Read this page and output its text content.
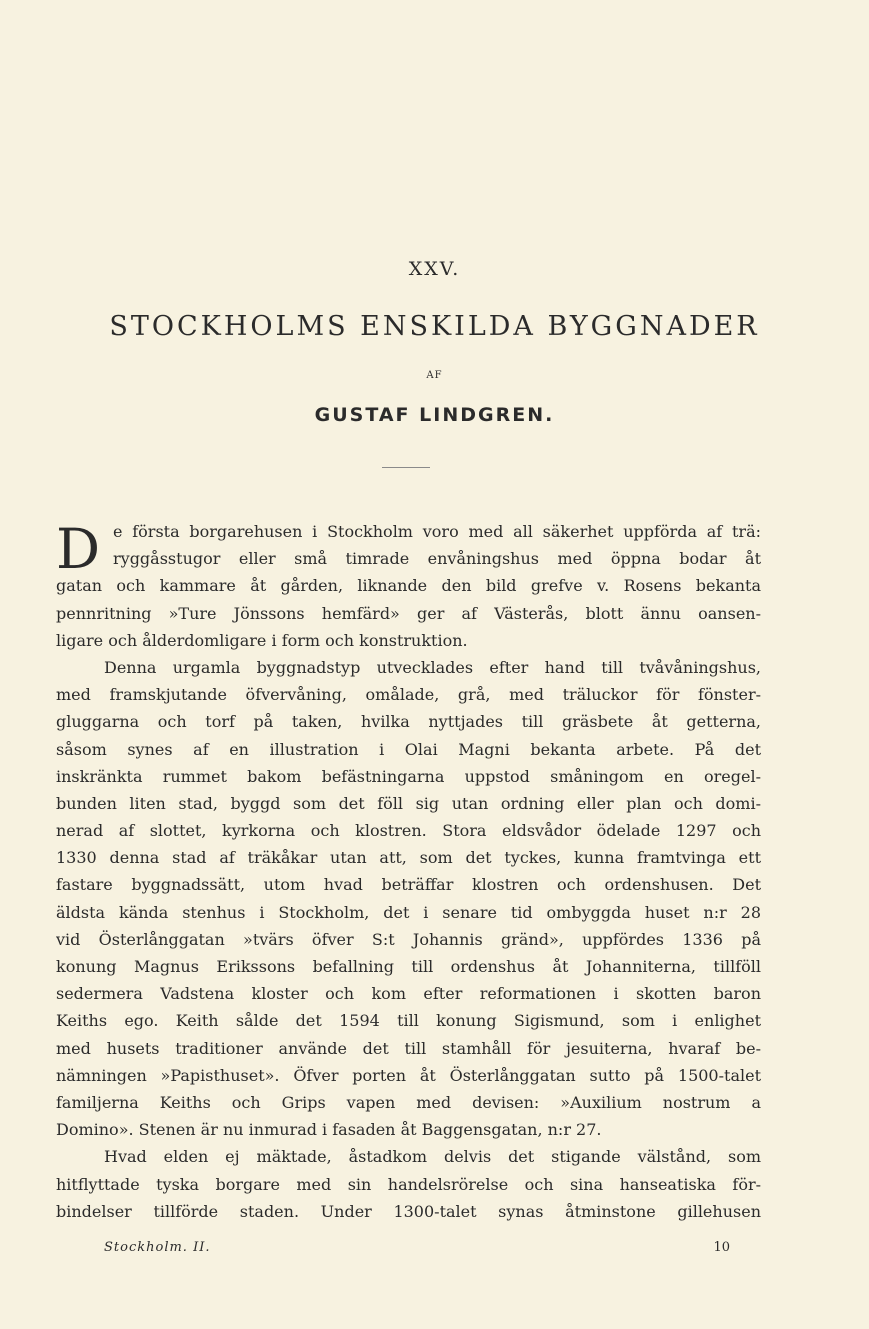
XXV.
STOCKHOLMS ENSKILDA BYGGNADER
AF
GUSTAF LINDGREN.
D e första borgarehusen i Stockholm voro med all säkerhet uppförda af trä:
ryggåsstugor eller små timrade envåningshus med öppna bodar åt
gatan och kammare åt gården, liknande den bild grefve v. Rosens bekanta
pennritning »Ture Jönssons hemfärd» ger af Västerås, blott ännu oansen-
ligare och ålderdomligare i form och konstruktion.
Denna urgamla byggnadstyp utvecklades efter hand till tvåvåningshus,
med framskjutande öfvervåning, omålade, grå, med träluckor för fönster-
gluggarna och torf på taken, hvilka nyttjades till gräsbete åt getterna,
såsom synes af en illustration i Olai Magni bekanta arbete. På det
inskränkta rummet bakom befästningarna uppstod småningom en oregel-
bunden liten stad, byggd som det föll sig utan ordning eller plan och domi-
nerad af slottet, kyrkorna och klostren. Stora eldsvådor ödelade 1297 och
1330 denna stad af träkåkar utan att, som det tyckes, kunna framtvinga ett
fastare byggnadssätt, utom hvad beträffar klostren och ordenshusen. Det
äldsta kända stenhus i Stockholm, det i senare tid ombyggda huset n:r 28
vid Österlånggatan »tvärs öfver S:t Johannis gränd», uppfördes 1336 på
konung Magnus Erikssons befallning till ordenshus åt Johanniterna, tillföll
sedermera Vadstena kloster och kom efter reformationen i skotten baron
Keiths ego. Keith sålde det 1594 till konung Sigismund, som i enlighet
med husets traditioner använde det till stamhåll för jesuiterna, hvaraf be-
nämningen »Papisthuset». Öfver porten åt Österlånggatan sutto på 1500-talet
familjerna Keiths och Grips vapen med devisen: »Auxilium nostrum a
Domino». Stenen är nu inmurad i fasaden åt Baggensgatan, n:r 27.
Hvad elden ej mäktade, åstadkom delvis det stigande välstånd, som
hitflyttade tyska borgare med sin handelsrörelse och sina hanseatiska för-
bindelser tillförde staden. Under 1300-talet synas åtminstone gillehusen
Stockholm. II.	10
